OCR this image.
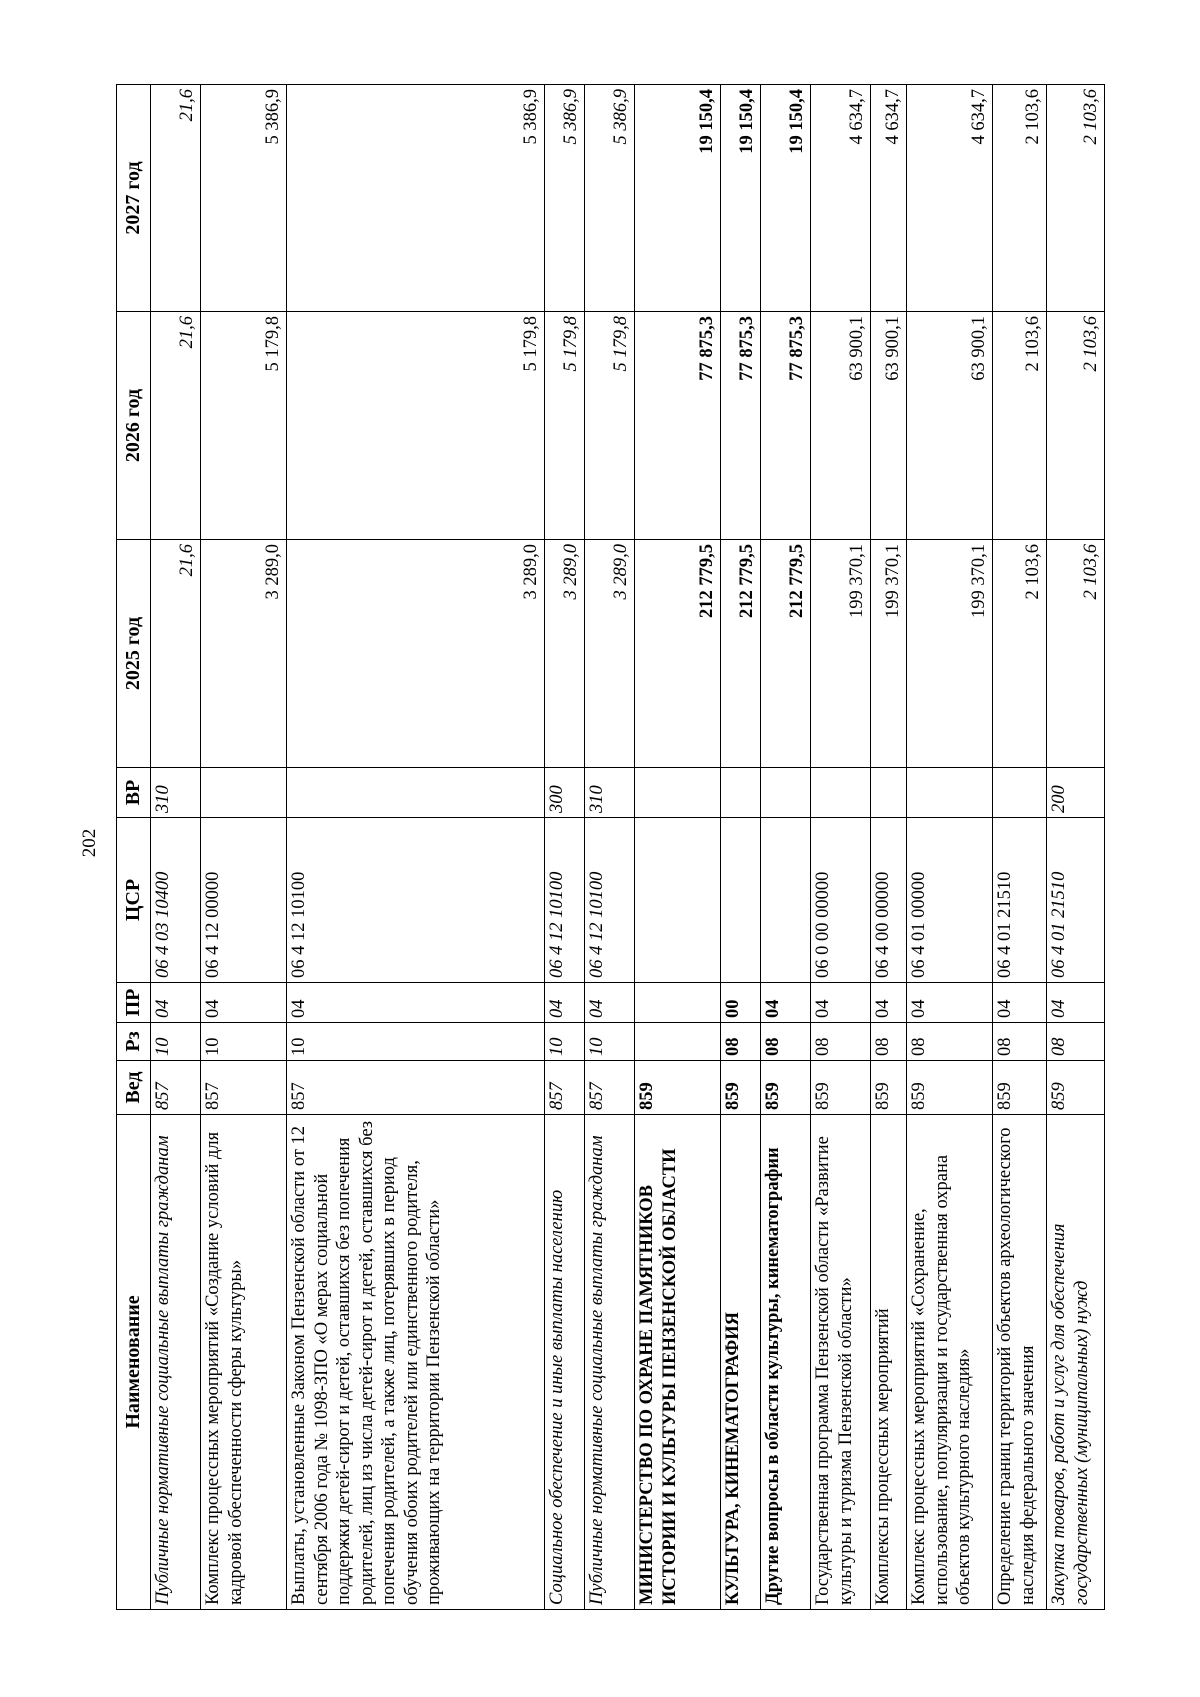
202
Наименование	Вед	Рз	ПР	ЦСР	ВР	2025 год	2026 год	2027 год
Публичные нормативные социальные выплаты гражданам	857	10	04	06 4 03 10400	310	21,6	21,6	21,6
Комплекс процессных мероприятий «Создание условий для кадровой обеспеченности сферы культуры»	857	10	04	06 4 12 00000		3 289,0	5 179,8	5 386,9
Выплаты, установленные Законом Пензенской области от 12 сентября 2006 года № 1098-ЗПО «О мерах социальной поддержки детей-сирот и детей, оставшихся без попечения родителей, лиц из числа детей-сирот и детей, оставшихся без попечения родителей, а также лиц, потерявших в период обучения обоих родителей или единственного родителя, проживающих на территории Пензенской области»	857	10	04	06 4 12 10100		3 289,0	5 179,8	5 386,9
Социальное обеспечение и иные выплаты населению	857	10	04	06 4 12 10100	300	3 289,0	5 179,8	5 386,9
Публичные нормативные социальные выплаты гражданам	857	10	04	06 4 12 10100	310	3 289,0	5 179,8	5 386,9
МИНИСТЕРСТВО ПО ОХРАНЕ ПАМЯТНИКОВ ИСТОРИИ И КУЛЬТУРЫ ПЕНЗЕНСКОЙ ОБЛАСТИ	859					212 779,5	77 875,3	19 150,4
КУЛЬТУРА, КИНЕМАТОГРАФИЯ	859	08	00			212 779,5	77 875,3	19 150,4
Другие вопросы в области культуры, кинематографии	859	08	04			212 779,5	77 875,3	19 150,4
Государственная программа Пензенской области «Развитие культуры и туризма Пензенской области»	859	08	04	06 0 00 00000		199 370,1	63 900,1	4 634,7
Комплексы процессных мероприятий	859	08	04	06 4 00 00000		199 370,1	63 900,1	4 634,7
Комплекс процессных мероприятий «Сохранение, использование, популяризация и государственная охрана объектов культурного наследия»	859	08	04	06 4 01 00000		199 370,1	63 900,1	4 634,7
Определение границ территорий объектов археологического наследия федерального значения	859	08	04	06 4 01 21510		2 103,6	2 103,6	2 103,6
Закупка товаров, работ и услуг для обеспечения государственных (муниципальных) нужд	859	08	04	06 4 01 21510	200	2 103,6	2 103,6	2 103,6
